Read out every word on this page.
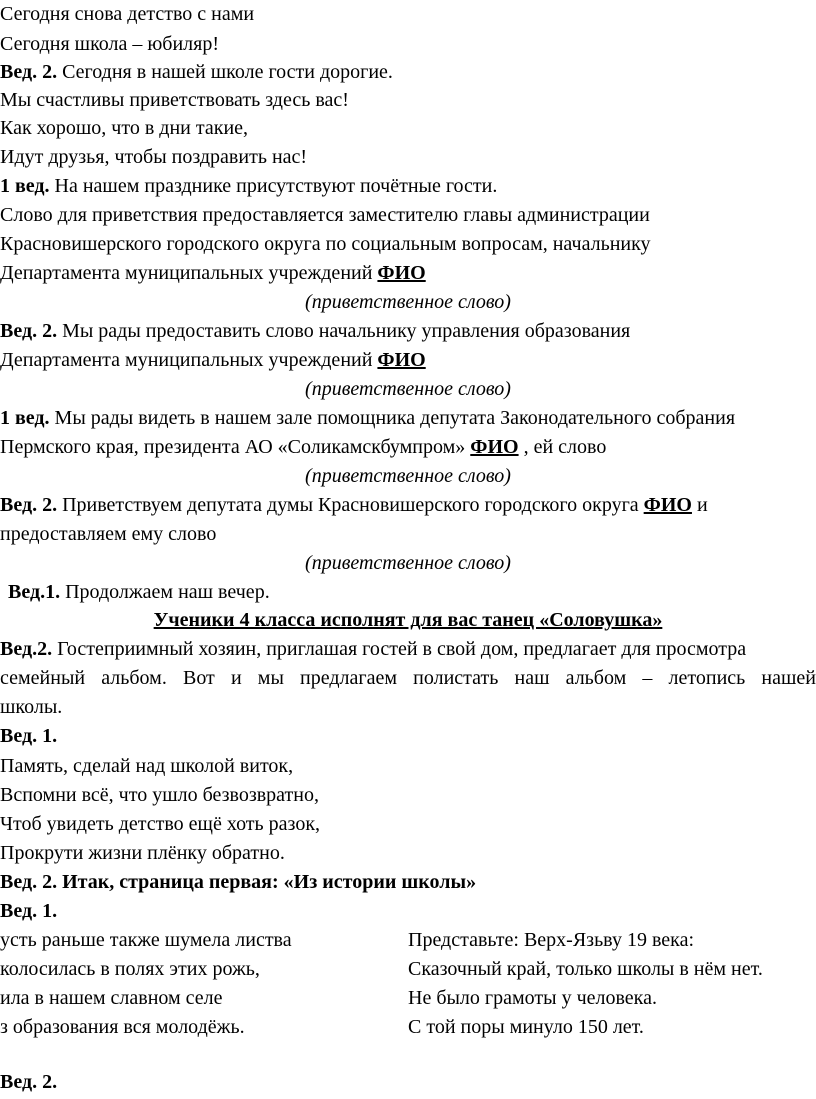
Сегодня снова детство с нами
Сегодня школа – юбиляр!
Вед. 2. Сегодня в нашей школе гости дорогие.
Мы счастливы приветствовать здесь вас!
Как хорошо, что в дни такие,
Идут друзья, чтобы поздравить нас!
1 вед. На нашем празднике присутствуют почётные гости.
Слово для приветствия предоставляется заместителю главы администрации
Красновишерского городского округа по социальным вопросам, начальнику
Департамента муниципальных учреждений ФИО
(приветственное слово)
Вед. 2. Мы рады предоставить слово начальнику управления образования
Департамента муниципальных учреждений ФИО
(приветственное слово)
1 вед. Мы рады видеть в нашем зале помощника депутата Законодательного собрания
Пермского края, президента АО «Соликамскбумпром» ФИО , ей слово
(приветственное слово)
Вед. 2. Приветствуем депутата думы Красновишерского городского округа ФИО и
предоставляем ему слово
(приветственное слово)
Вед.1. Продолжаем наш вечер.
Ученики 4 класса исполнят для вас танец «Соловушка»
Вед.2. Гостеприимный хозяин, приглашая гостей в свой дом, предлагает для просмотра
семейный альбом. Вот и мы предлагаем полистать наш альбом – летопись нашей
школы.
Вед. 1.
Память, сделай над школой виток,
Вспомни всё, что ушло безвозвратно,
Чтоб увидеть детство ещё хоть разок,
Прокрути жизни плёнку обратно.
Вед. 2. Итак, страница первая: «Из истории школы»
Вед. 1.
усть раньше также шумела листва	Представьте: Верх-Язьву 19 века:
колосилась в полях этих рожь,	Сказочный край, только школы в нём нет.
ила в нашем славном селе	Не было грамоты у человека.
з образования вся молодёжь.	С той поры минуло 150 лет.
Вед. 2.
